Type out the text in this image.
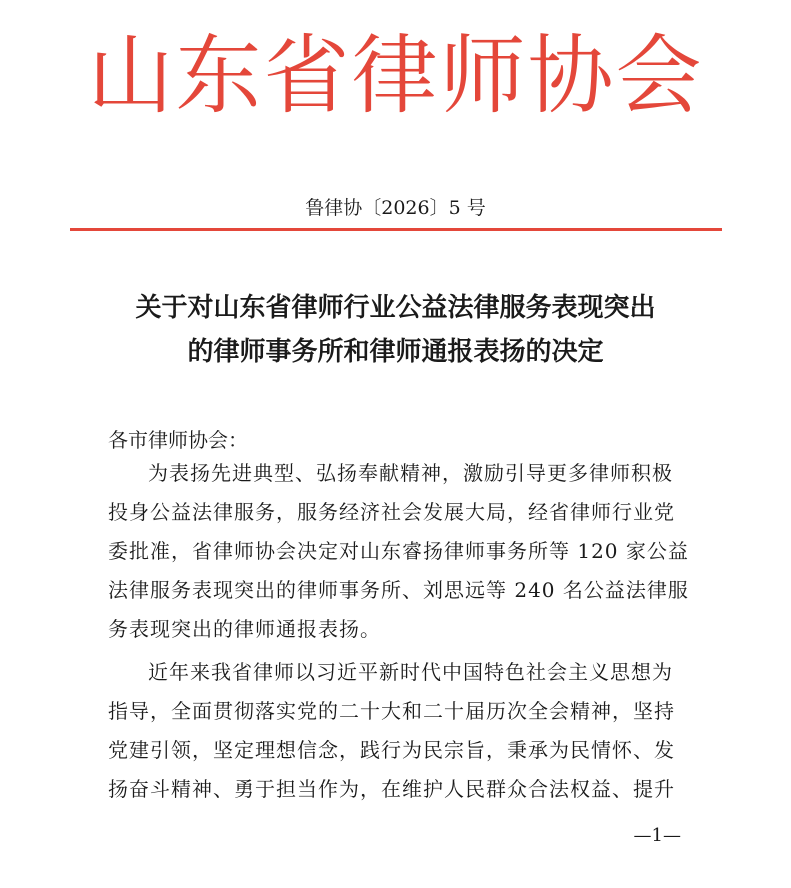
山东省律师协会
鲁律协〔2026〕5 号
关于对山东省律师行业公益法律服务表现突出
的律师事务所和律师通报表扬的决定
各市律师协会：
为表扬先进典型、弘扬奉献精神，激励引导更多律师积极
投身公益法律服务，服务经济社会发展大局，经省律师行业党
委批准，省律师协会决定对山东睿扬律师事务所等 120 家公益
法律服务表现突出的律师事务所、刘思远等 240 名公益法律服
务表现突出的律师通报表扬。
近年来我省律师以习近平新时代中国特色社会主义思想为
指导，全面贯彻落实党的二十大和二十届历次全会精神，坚持
党建引领，坚定理想信念，践行为民宗旨，秉承为民情怀、发
扬奋斗精神、勇于担当作为，在维护人民群众合法权益、提升
—1—
